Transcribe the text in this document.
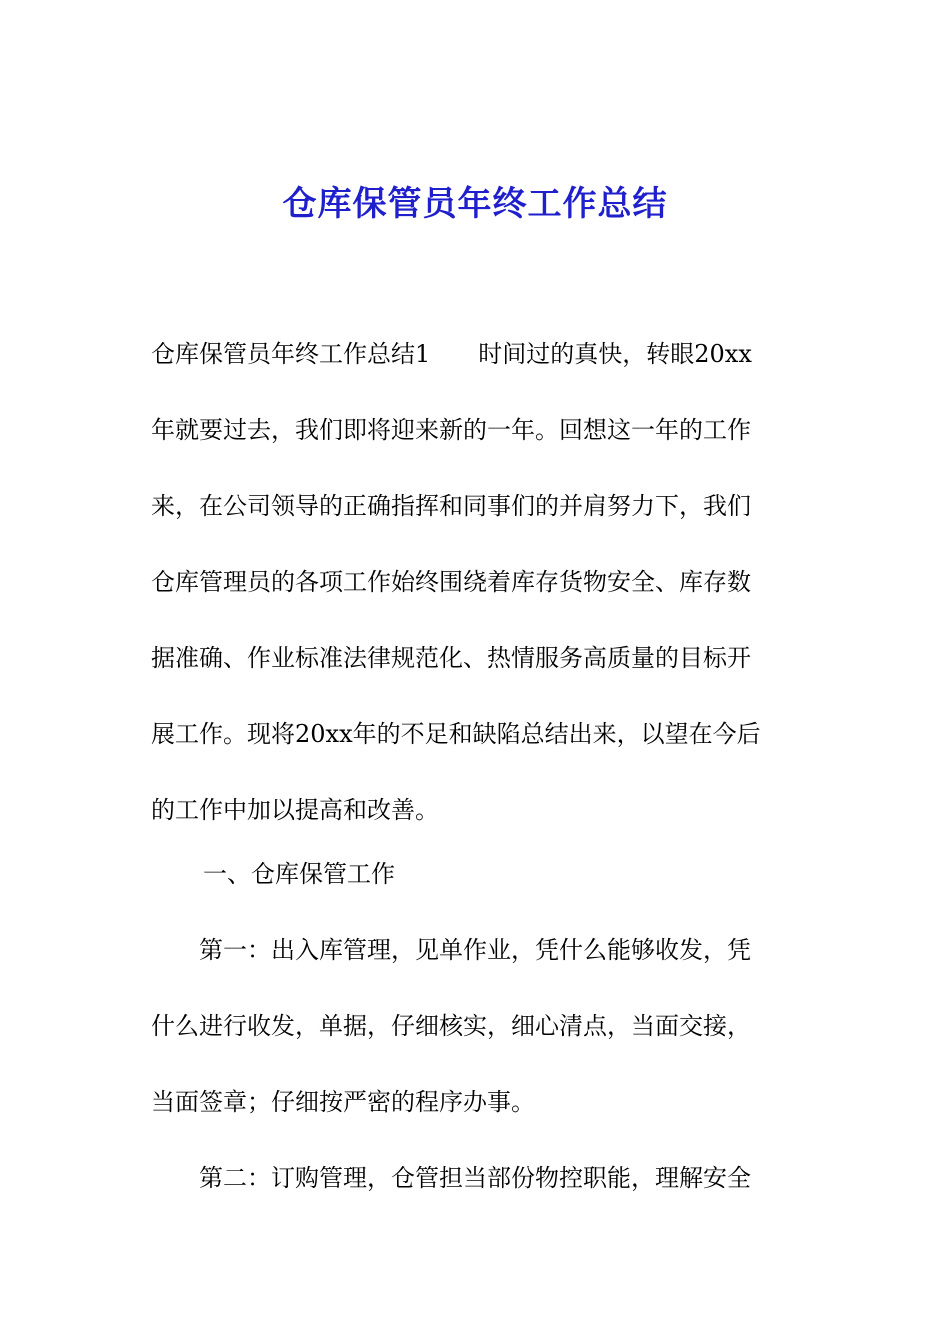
仓库保管员年终工作总结
仓库保管员年终工作总结1　　时间过的真快，转眼20xx
年就要过去，我们即将迎来新的一年。回想这一年的工作
来，在公司领导的正确指挥和同事们的并肩努力下，我们
仓库管理员的各项工作始终围绕着库存货物安全、库存数
据准确、作业标准法律规范化、热情服务高质量的目标开
展工作。现将20xx年的不足和缺陷总结出来，以望在今后
的工作中加以提高和改善。
一、仓库保管工作
　　第一：出入库管理，见单作业，凭什么能够收发，凭
什么进行收发，单据，仔细核实，细心清点，当面交接，
当面签章；仔细按严密的程序办事。
　　第二：订购管理，仓管担当部份物控职能，理解安全
